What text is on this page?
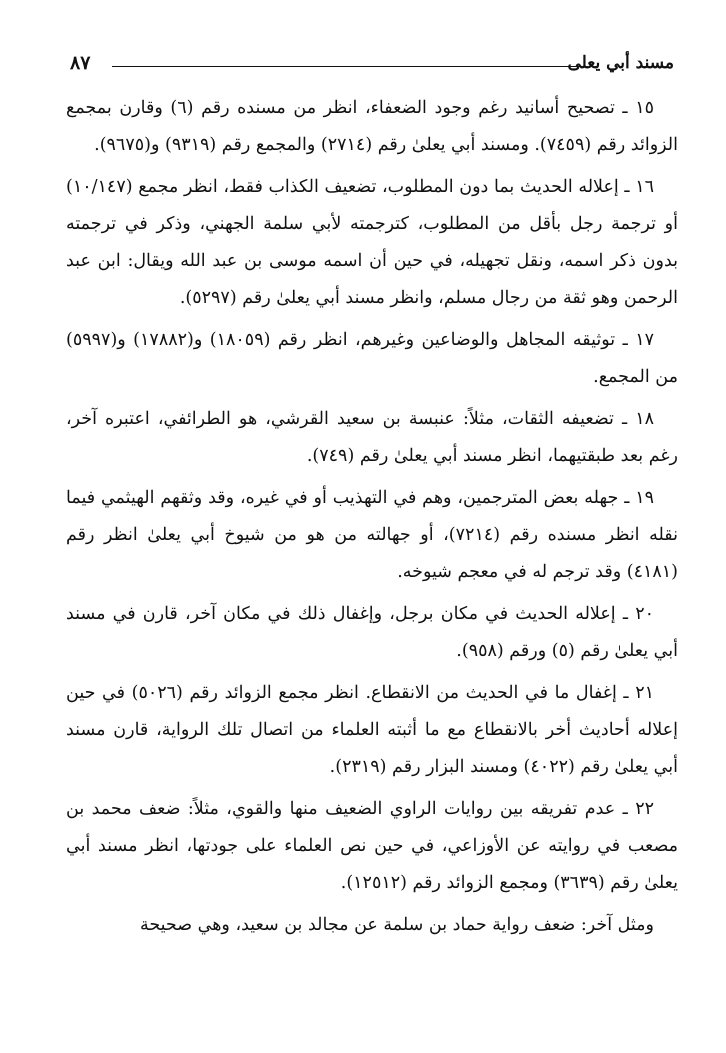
مسند أبي يعلى
٨٧

١٥ ـ تصحيح أسانيد رغم وجود الضعفاء، انظر من مسنده رقم (٦) وقارن بمجمع الزوائد رقم (٧٤٥٩). ومسند أبي يعلىٰ رقم (٢٧١٤) والمجمع رقم (٩٣١٩) و(٩٦٧٥).

١٦ ـ إعلاله الحديث بما دون المطلوب، تضعيف الكذاب فقط، انظر مجمع (١٠/١٤٧) أو ترجمة رجل بأقل من المطلوب، كترجمته لأبي سلمة الجهني، وذكر في ترجمته بدون ذكر اسمه، ونقل تجهيله، في حين أن اسمه موسى بن عبد الله ويقال: ابن عبد الرحمن وهو ثقة من رجال مسلم، وانظر مسند أبي يعلىٰ رقم (٥٢٩٧).

١٧ ـ توثيقه المجاهل والوضاعين وغيرهم، انظر رقم (١٨٠٥٩) و(١٧٨٨٢) و(٥٩٩٧) من المجمع.

١٨ ـ تضعيفه الثقات، مثلاً: عنبسة بن سعيد القرشي، هو الطرائفي، اعتبره آخر، رغم بعد طبقتيهما، انظر مسند أبي يعلىٰ رقم (٧٤٩).

١٩ ـ جهله بعض المترجمين، وهم في التهذيب أو في غيره، وقد وثقهم الهيثمي فيما نقله انظر مسنده رقم (٧٢١٤)، أو جهالته من هو من شيوخ أبي يعلىٰ انظر رقم (٤١٨١) وقد ترجم له في معجم شيوخه.

٢٠ ـ إعلاله الحديث في مكان برجل، وإغفال ذلك في مكان آخر، قارن في مسند أبي يعلىٰ رقم (٥) ورقم (٩٥٨).

٢١ ـ إغفال ما في الحديث من الانقطاع. انظر مجمع الزوائد رقم (٥٠٢٦) في حين إعلاله أحاديث أخر بالانقطاع مع ما أثبته العلماء من اتصال تلك الرواية، قارن مسند أبي يعلىٰ رقم (٤٠٢٢) ومسند البزار رقم (٢٣١٩).

٢٢ ـ عدم تفريقه بين روايات الراوي الضعيف منها والقوي، مثلاً: ضعف محمد بن مصعب في روايته عن الأوزاعي، في حين نص العلماء على جودتها، انظر مسند أبي يعلىٰ رقم (٣٦٣٩) ومجمع الزوائد رقم (١٢٥١٢).

ومثل آخر: ضعف رواية حماد بن سلمة عن مجالد بن سعيد، وهي صحيحة
